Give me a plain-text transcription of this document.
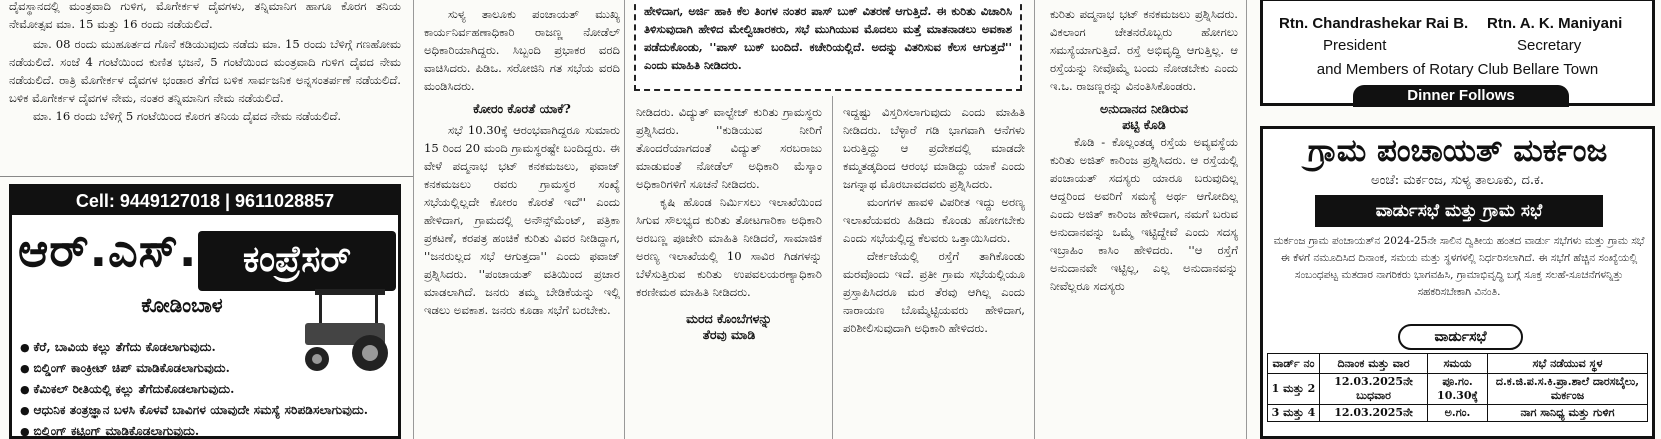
ದೈವಸ್ಥಾನದಲ್ಲಿ ಮಂತ್ರವಾದಿ ಗುಳಿಗ, ಮೊಗೇರ್ಕಳ ದೈವಗಳು, ತನ್ನಿಮಾನಿಗ ಹಾಗೂ ಕೊರಗ ತನಿಯ ನೇಮೋತ್ಸವ ಮಾ. 15 ಮತ್ತು 16 ರಂದು ನಡೆಯಲಿದೆ.

ಮಾ. 08 ರಂದು ಮುಹೂರ್ತದ ಗೊನೆ ಕಡಿಯುವುದು ನಡೆದು ಮಾ. 15 ರಂದು ಬೆಳಿಗ್ಗೆ ಗಣಹೋಮ ನಡೆಯಲಿದೆ. ಸಂಜೆ 4 ಗಂಟೆಯಿಂದ ಕುಣಿತ ಭಜನೆ, 5 ಗಂಟೆಯಿಂದ ಮಂತ್ರವಾದಿ ಗುಳಿಗ ದೈವದ ನೇಮ ನಡೆಯಲಿದೆ. ರಾತ್ರಿ ಮೊಗೇರ್ಕಳ ದೈವಗಳ ಭಂಡಾರ ತೆಗೆದ ಬಳಿಕ ಸಾರ್ವಜನಿಕ ಅನ್ನಸಂತರ್ಪಣೆ ನಡೆಯಲಿದೆ. ಬಳಿಕ ಮೊಗೇರ್ಕಳ ದೈವಗಳ ನೇಮ, ನಂತರ ತನ್ನಿಮಾನಿಗ ನೇಮ ನಡೆಯಲಿದೆ.

ಮಾ. 16 ರಂದು ಬೆಳಿಗ್ಗೆ 5 ಗಂಟೆಯಿಂದ ಕೊರಗ ತನಿಯ ದೈವದ ನೇಮ ನಡೆಯಲಿದೆ.

Cell: 9449127018 | 9611028857
ಆರ್.ಎಸ್.	ಕಂಪ್ರೆಸರ್
ಕೋಡಿಂಬಾಳ
● ಕೆರೆ, ಬಾವಿಯ ಕಲ್ಲು ತೆಗೆದು ಕೊಡಲಾಗುವುದು.
● ಬಿಲ್ಡಿಂಗ್ ಕಾಂಕ್ರೀಟ್ ಚಿಪ್ ಮಾಡಿಕೊಡಲಾಗುವುದು.
● ಕೆಮಿಕಲ್ ರೀತಿಯಲ್ಲಿ ಕಲ್ಲು ತೆಗೆದುಕೊಡಲಾಗುವುದು.
● ಆಧುನಿಕ ತಂತ್ರಜ್ಞಾನ ಬಳಸಿ ಕೊಳವೆ ಬಾವಿಗಳ ಯಾವುದೇ ಸಮಸ್ಯೆ ಸರಿಪಡಿಸಲಾಗುವುದು.
● ಬಿಲ್ಡಿಂಗ್ ಕಟ್ಟಿಂಗ್ ಮಾಡಿಕೊಡಲಾಗುವುದು.

ಸುಳ್ಯ ತಾಲೂಕು ಪಂಚಾಯತ್ ಮುಖ್ಯ ಕಾರ್ಯನಿರ್ವಹಣಾಧಿಕಾರಿ ರಾಜಣ್ಣ ನೋಡೆಲ್ ಅಧಿಕಾರಿಯಾಗಿದ್ದರು. ಸಿಬ್ಬಂದಿ ಪ್ರಭಾಕರ ವರದಿ ವಾಚಿಸಿದರು. ಪಿಡಿಒ. ಸರೋಜಿನಿ ಗತ ಸಭೆಯ ವರದಿ ಮಂಡಿಸಿದರು.

ಕೋರಂ ಕೊರತೆ ಯಾಕೆ?

ಸಭೆ 10.30ಕ್ಕೆ ಆರಂಭವಾಗಿದ್ದರೂ ಸುಮಾರು 15 ರಿಂದ 20 ಮಂದಿ ಗ್ರಾಮಸ್ಥರಷ್ಟೇ ಬಂದಿದ್ದರು. ಈ ವೇಳೆ ಪದ್ಮನಾಭ ಭಟ್ ಕನಕಮಜಲು, ಫವಾಜ್ ಕನಕಮಜಲು ರವರು ಗ್ರಾಮಸ್ಥರ ಸಂಖ್ಯೆ ಸಭೆಯಲ್ಲಿಲ್ಲದೇ ಕೋರಂ ಕೊರತೆ ಇದೆ'' ಎಂದು ಹೇಳಿದಾಗ, ಗ್ರಾಮದಲ್ಲಿ ಅನೌನ್ಸ್‌ಮೆಂಟ್, ಪತ್ರಿಕಾ ಪ್ರಕಟಣೆ, ಕರಪತ್ರ ಹಂಚಿಕೆ ಕುರಿತು ವಿವರ ನೀಡಿದ್ದಾಗ, ''ಜನರುಲ್ಲದ ಸಭೆ ಆಗುತ್ತದಾ'' ಎಂದು ಫವಾಜ್ ಪ್ರಶ್ನಿಸಿದರು. ''ಪಂಚಾಯತ್ ವತಿಯಿಂದ ಪ್ರಚಾರ ಮಾಡಲಾಗಿದೆ. ಜನರು ತಮ್ಮ ಬೇಡಿಕೆಯನ್ನು ಇಲ್ಲಿ ಇಡಲು ಅವಕಾಶ. ಜನರು ಕೂಡಾ ಸಭೆಗೆ ಬರಬೇಕು.

ಹೇಳಿದಾಗ, ಅರ್ಜಿ ಹಾಕಿ ಕೆಲ ತಿಂಗಳ ನಂತರ ಪಾಸ್ ಬುಕ್ ವಿತರಣೆ ಆಗುತ್ತಿದೆ. ಈ ಕುರಿತು ವಿಚಾರಿಸಿ ತಿಳಿಸುವುದಾಗಿ ಹೇಳಿದ ಮೇಲ್ವಿಚಾರಕರು, ಸಭೆ ಮುಗಿಯುವ ಮೊದಲು ಮತ್ತೆ ಮಾತನಾಡಲು ಅವಕಾಶ ಪಡೆದುಕೊಂಡು, ''ಪಾಸ್ ಬುಕ್ ಬಂದಿದೆ. ಕಚೇರಿಯಲ್ಲಿದೆ. ಅದನ್ನು ವಿತರಿಸುವ ಕೆಲಸ ಆಗುತ್ತದೆ'' ಎಂದು ಮಾಹಿತಿ ನೀಡಿದರು.

ನೀಡಿದರು. ವಿದ್ಯುತ್ ವಾಲ್ಟೇಜ್ ಕುರಿತು ಗ್ರಾಮಸ್ಥರು ಪ್ರಶ್ನಿಸಿದರು. ''ಕುಡಿಯುವ ನೀರಿಗೆ ತೊಂದರೆಯಾಗದಂತೆ ವಿದ್ಯುತ್ ಸರಬರಾಜು ಮಾಡುವಂತೆ ನೋಡೆಲ್ ಅಧಿಕಾರಿ ಮೆಸ್ಕಾಂ ಅಧಿಕಾರಿಗಳಿಗೆ ಸೂಚನೆ ನೀಡಿದರು.

ಕೃಷಿ ಹೊಂಡ ನಿರ್ಮಿಸಲು ಇಲಾಖೆಯಿಂದ ಸಿಗುವ ಸೌಲಭ್ಯದ ಕುರಿತು ತೋಟಗಾರಿಕಾ ಅಧಿಕಾರಿ ಅರಬಣ್ಣ ಪೂಜೇರಿ ಮಾಹಿತಿ ನೀಡಿದರೆ, ಸಾಮಾಜಿಕ ಅರಣ್ಯ ಇಲಾಖೆಯಲ್ಲಿ 10 ಸಾವಿರ ಗಿಡಗಳನ್ನು ಬೆಳೆಸುತ್ತಿರುವ ಕುರಿತು ಉಪವಲಯರಣ್ಯಾಧಿಕಾರಿ ಕರಣೀಮಠ ಮಾಹಿತಿ ನೀಡಿದರು.

ಮರದ ಕೊಂಬೆಗಳನ್ನು
ತೆರವು ಮಾಡಿ

ಇದ್ದಷ್ಟು ವಿಸ್ತರಿಸಲಾಗುವುದು ಎಂದು ಮಾಹಿತಿ ನೀಡಿದರು. ಬೆಳ್ಳಾರೆ ಗಡಿ ಭಾಗವಾಗಿ ಆನೆಗಳು ಬರುತ್ತಿದ್ದು ಆ ಪ್ರದೇಶದಲ್ಲಿ ಮಾಡದೇ ಕಮ್ಮತಡ್ಕದಿಂದ ಆರಂಭ ಮಾಡಿದ್ದು ಯಾಕೆ ಎಂದು ಜಗನ್ನಾಥ ಮೊರಬಾವದವರು ಪ್ರಶ್ನಿಸಿದರು.

ಮಂಗಗಳ ಹಾವಳಿ ವಿಪರೀತ ಇದ್ದು ಅರಣ್ಯ ಇಲಾಖೆಯವರು ಹಿಡಿದು ಕೊಂಡು ಹೋಗಬೇಕು ಎಂದು ಸಭೆಯಲ್ಲಿದ್ದ ಕೆಲವರು ಒತ್ತಾಯಿಸಿದರು.

ದೇರ್ಕಜೆಯಲ್ಲಿ ರಸ್ತೆಗೆ ತಾಗಿಕೊಂಡು ಮರವೊಂದು ಇದೆ. ಪ್ರತೀ ಗ್ರಾಮ ಸಭೆಯಲ್ಲಿಯೂ ಪ್ರಸ್ತಾಪಿಸಿದರೂ ಮರ ತೆರವು ಆಗಿಲ್ಲ ಎಂದು ನಾರಾಯಣ ಬೊಮ್ಮೆಟ್ಟಿಯವರು ಹೇಳಿದಾಗ, ಪರಿಶೀಲಿಸುವುದಾಗಿ ಅಧಿಕಾರಿ ಹೇಳಿದರು.

ಕುರಿತು ಪದ್ಮನಾಭ ಭಟ್ ಕನಕಮಜಲು ಪ್ರಶ್ನಿಸಿದರು. ವಿಕಲಾಂಗ ಚೇತನರೊಬ್ಬರು ಹೋಗಲು ಸಮಸ್ಯೆಯಾಗುತ್ತಿದೆ. ರಸ್ತೆ ಅಭಿವೃದ್ಧಿ ಆಗುತ್ತಿಲ್ಲ. ಆ ರಸ್ತೆಯನ್ನು ನೀವೊಮ್ಮೆ ಬಂದು ನೋಡಬೇಕು ಎಂದು ಇ.ಒ. ರಾಜಣ್ಣರನ್ನು ವಿನಂತಿಸಿಕೊಂಡರು.

ಅನುದಾನದ ನೀಡಿರುವ
ಪಟ್ಟಿ ಕೊಡಿ

ಕೊಡಿ - ಕೊಲ್ಲಂತಡ್ಕ ರಸ್ತೆಯ ಅವ್ಯವಸ್ಥೆಯ ಕುರಿತು ಅಜಿತ್ ಕಾರಿಂಜ ಪ್ರಶ್ನಿಸಿದರು. ಆ ರಸ್ತೆಯಲ್ಲಿ ಪಂಚಾಯತ್ ಸದಸ್ಯರು ಯಾರೂ ಬರುವುದಿಲ್ಲ ಆದ್ದರಿಂದ ಅವರಿಗೆ ಸಮಸ್ಯೆ ಅರ್ಥ ಆಗೋದಿಲ್ಲ ಎಂದು ಅಜಿತ್ ಕಾರಿಂಜ ಹೇಳಿದಾಗ, ನಮಗೆ ಬರುವ ಅನುದಾನವನ್ನು ಒಮ್ಮೆ ಇಟ್ಟಿದ್ದೇವೆ ಎಂದು ಸದಸ್ಯ ಇಬ್ರಾಹಿಂ ಕಾಸಿಂ ಹೇಳಿದರು. ''ಆ ರಸ್ತೆಗೆ ಅನುದಾನವೇ ಇಟ್ಟಿಲ್ಲ, ಎಲ್ಲ ಅನುದಾನವನ್ನು ನೀವೆಲ್ಲರೂ ಸದಸ್ಯರು

Rtn. Chandrashekar Rai B.
President
Rtn. A. K. Maniyani
Secretary
and Members of Rotary Club Bellare Town
Dinner Follows
ಗ್ರಾಮ ಪಂಚಾಯತ್ ಮರ್ಕಂಜ
ಅಂಚೆ: ಮರ್ಕಂಜ, ಸುಳ್ಯ ತಾಲೂಕು, ದ.ಕ.
ವಾರ್ಡುಸಭೆ ಮತ್ತು ಗ್ರಾಮ ಸಭೆ
ಮರ್ಕಂಜ ಗ್ರಾಮ ಪಂಚಾಯತ್‌ನ 2024-25ನೇ ಸಾಲಿನ ದ್ವಿತೀಯ ಹಂತದ ವಾರ್ಡು ಸಭೆಗಳು ಮತ್ತು ಗ್ರಾಮ ಸಭೆ ಈ ಕೆಳಗೆ ನಮೂದಿಸಿದ ದಿನಾಂಕ, ಸಮಯ ಮತ್ತು ಸ್ಥಳಗಳಲ್ಲಿ ನಿರ್ಧರಿಸಲಾಗಿದೆ. ಈ ಸಭೆಗೆ ಹೆಚ್ಚಿನ ಸಂಖ್ಯೆಯಲ್ಲಿ ಸಂಬಂಧಪಟ್ಟ ಮತದಾರ ನಾಗರಿಕರು ಭಾಗವಹಿಸಿ, ಗ್ರಾಮಾಭಿವೃದ್ಧಿ ಬಗ್ಗೆ ಸೂಕ್ತ ಸಲಹೆ-ಸೂಚನೆಗಳನ್ನಿತ್ತು ಸಹಕರಿಸಬೇಕಾಗಿ ವಿನಂತಿ.
ವಾರ್ಡುಸಭೆ
ವಾರ್ಡ್ ನಂ	ದಿನಾಂಕ ಮತ್ತು ವಾರ	ಸಮಯ	ಸಭೆ ನಡೆಯುವ ಸ್ಥಳ
1 ಮತ್ತು 2	12.03.2025ನೇ ಬುಧವಾರ	ಪೂ.ಗಂ. 10.30ಕ್ಕೆ	ದ.ಕ.ಜಿ.ಪ.ಸ.ಕಿ.ಪ್ರಾ.ಶಾಲೆ ದಾರಸಬೈಲು, ಮರ್ಕಂಜ
3 ಮತ್ತು 4	12.03.2025ನೇ	ಅ.ಗಂ.	ನಾಗ ಸಾನಿಧ್ಯ ಮತ್ತು ಗುಳಿಗ
